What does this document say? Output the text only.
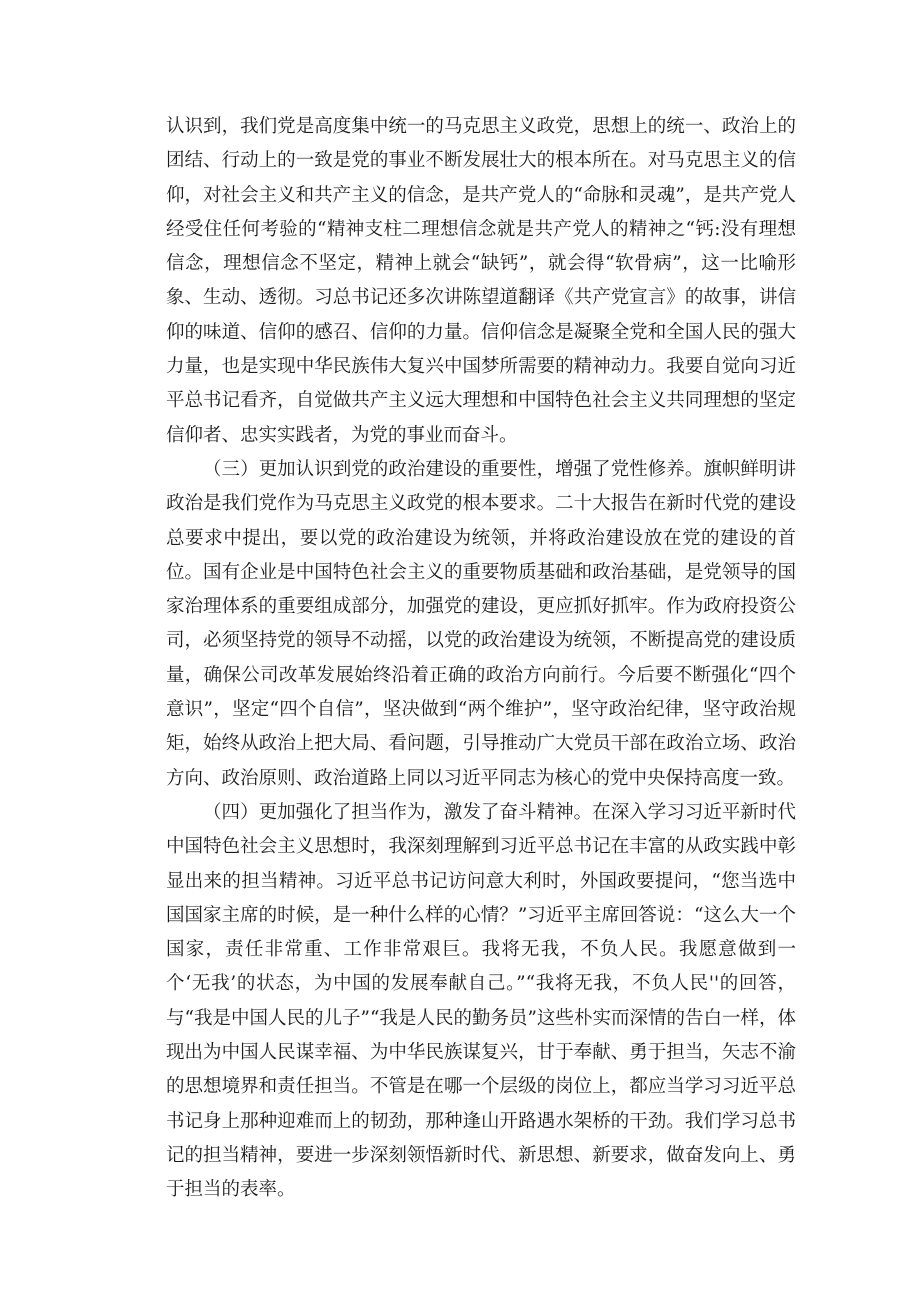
认识到，我们党是高度集中统一的马克思主义政党，思想上的统一、政治上的团结、行动上的一致是党的事业不断发展壮大的根本所在。对马克思主义的信仰，对社会主义和共产主义的信念，是共产党人的“命脉和灵魂”，是共产党人经受住任何考验的“精神支柱二理想信念就是共产党人的精神之“钙:没有理想信念，理想信念不坚定，精神上就会“缺钙”，就会得“软骨病”，这一比喻形象、生动、透彻。习总书记还多次讲陈望道翻译《共产党宣言》的故事，讲信仰的味道、信仰的感召、信仰的力量。信仰信念是凝聚全党和全国人民的强大力量，也是实现中华民族伟大复兴中国梦所需要的精神动力。我要自觉向习近平总书记看齐，自觉做共产主义远大理想和中国特色社会主义共同理想的坚定信仰者、忠实实践者，为党的事业而奋斗。

（三）更加认识到党的政治建设的重要性，增强了党性修养。旗帜鲜明讲政治是我们党作为马克思主义政党的根本要求。二十大报告在新时代党的建设总要求中提出，要以党的政治建设为统领，并将政治建设放在党的建设的首位。国有企业是中国特色社会主义的重要物质基础和政治基础，是党领导的国家治理体系的重要组成部分，加强党的建设，更应抓好抓牢。作为政府投资公司，必须坚持党的领导不动摇，以党的政治建设为统领，不断提高党的建设质量，确保公司改革发展始终沿着正确的政治方向前行。今后要不断强化“四个意识”，坚定“四个自信”，坚决做到“两个维护”，坚守政治纪律，坚守政治规矩，始终从政治上把大局、看问题，引导推动广大党员干部在政治立场、政治方向、政治原则、政治道路上同以习近平同志为核心的党中央保持高度一致。

（四）更加强化了担当作为，激发了奋斗精神。在深入学习习近平新时代中国特色社会主义思想时，我深刻理解到习近平总书记在丰富的从政实践中彰显出来的担当精神。习近平总书记访问意大利时，外国政要提问，“您当选中国国家主席的时候，是一种什么样的心情？”习近平主席回答说：“这么大一个国家，责任非常重、工作非常艰巨。我将无我，不负人民。我愿意做到一个‘无我’的状态，为中国的发展奉献自己。”“我将无我，不负人民''的回答，与“我是中国人民的儿子”“我是人民的勤务员”这些朴实而深情的告白一样，体现出为中国人民谋幸福、为中华民族谋复兴，甘于奉献、勇于担当，矢志不渝的思想境界和责任担当。不管是在哪一个层级的岗位上，都应当学习习近平总书记身上那种迎难而上的韧劲，那种逢山开路遇水架桥的干劲。我们学习总书记的担当精神，要进一步深刻领悟新时代、新思想、新要求，做奋发向上、勇于担当的表率。
